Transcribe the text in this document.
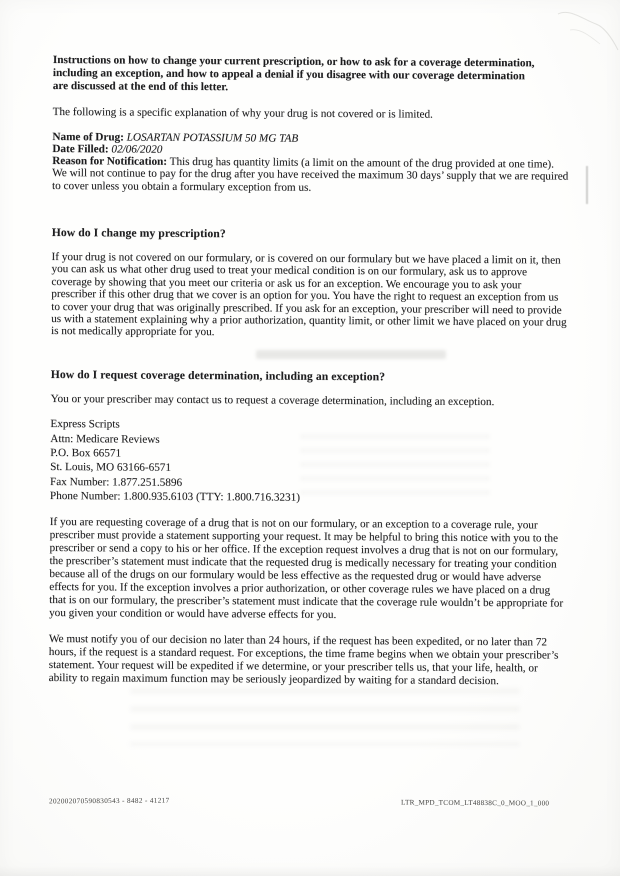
Instructions on how to change your current prescription, or how to ask for a coverage determination, including an exception, and how to appeal a denial if you disagree with our coverage determination are discussed at the end of this letter.

The following is a specific explanation of why your drug is not covered or is limited.

Name of Drug: LOSARTAN POTASSIUM 50 MG TAB
Date Filled: 02/06/2020
Reason for Notification: This drug has quantity limits (a limit on the amount of the drug provided at one time). We will not continue to pay for the drug after you have received the maximum 30 days’ supply that we are required to cover unless you obtain a formulary exception from us.
How do I change my prescription?

If your drug is not covered on our formulary, or is covered on our formulary but we have placed a limit on it, then you can ask us what other drug used to treat your medical condition is on our formulary, ask us to approve coverage by showing that you meet our criteria or ask us for an exception. We encourage you to ask your prescriber if this other drug that we cover is an option for you. You have the right to request an exception from us to cover your drug that was originally prescribed. If you ask for an exception, your prescriber will need to provide us with a statement explaining why a prior authorization, quantity limit, or other limit we have placed on your drug is not medically appropriate for you.

How do I request coverage determination, including an exception?

You or your prescriber may contact us to request a coverage determination, including an exception.

Express Scripts
Attn: Medicare Reviews
P.O. Box 66571
St. Louis, MO 63166-6571
Fax Number: 1.877.251.5896
Phone Number: 1.800.935.6103 (TTY: 1.800.716.3231)

If you are requesting coverage of a drug that is not on our formulary, or an exception to a coverage rule, your prescriber must provide a statement supporting your request. It may be helpful to bring this notice with you to the prescriber or send a copy to his or her office. If the exception request involves a drug that is not on our formulary, the prescriber’s statement must indicate that the requested drug is medically necessary for treating your condition because all of the drugs on our formulary would be less effective as the requested drug or would have adverse effects for you. If the exception involves a prior authorization, or other coverage rules we have placed on a drug that is on our formulary, the prescriber’s statement must indicate that the coverage rule wouldn’t be appropriate for you given your condition or would have adverse effects for you.

We must notify you of our decision no later than 24 hours, if the request has been expedited, or no later than 72 hours, if the request is a standard request. For exceptions, the time frame begins when we obtain your prescriber’s statement. Your request will be expedited if we determine, or your prescriber tells us, that your life, health, or ability to regain maximum function may be seriously jeopardized by waiting for a standard decision.

202002070590830543 - 8482 - 41217	LTR_MPD_TCOM_LT48838C_0_MOO_1_000
